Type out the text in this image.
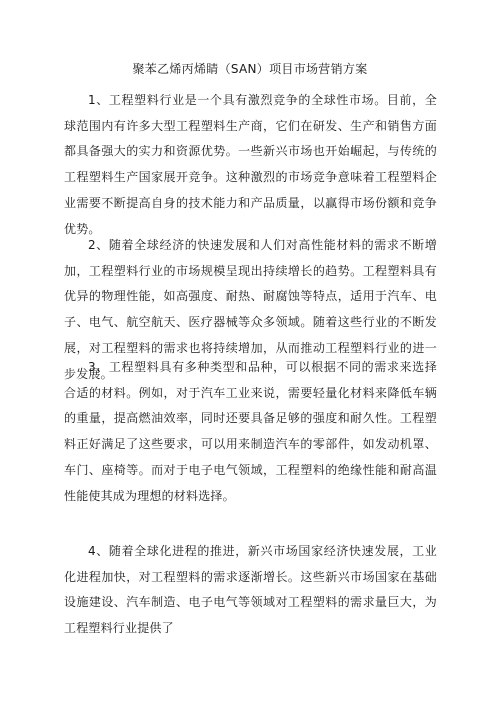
聚苯乙烯丙烯睛（SAN）项目市场营销方案

1、工程塑料行业是一个具有激烈竞争的全球性市场。目前，全球范围内有许多大型工程塑料生产商，它们在研发、生产和销售方面都具备强大的实力和资源优势。一些新兴市场也开始崛起，与传统的工程塑料生产国家展开竞争。这种激烈的市场竞争意味着工程塑料企业需要不断提高自身的技术能力和产品质量，以赢得市场份额和竞争优势。

2、随着全球经济的快速发展和人们对高性能材料的需求不断增加，工程塑料行业的市场规模呈现出持续增长的趋势。工程塑料具有优异的物理性能，如高强度、耐热、耐腐蚀等特点，适用于汽车、电子、电气、航空航天、医疗器械等众多领域。随着这些行业的不断发展，对工程塑料的需求也将持续增加，从而推动工程塑料行业的进一步发展。

3、工程塑料具有多种类型和品种，可以根据不同的需求来选择合适的材料。例如，对于汽车工业来说，需要轻量化材料来降低车辆的重量，提高燃油效率，同时还要具备足够的强度和耐久性。工程塑料正好满足了这些要求，可以用来制造汽车的零部件，如发动机罩、车门、座椅等。而对于电子电气领域，工程塑料的绝缘性能和耐高温性能使其成为理想的材料选择。

4、随着全球化进程的推进，新兴市场国家经济快速发展，工业化进程加快，对工程塑料的需求逐渐增长。这些新兴市场国家在基础设施建设、汽车制造、电子电气等领域对工程塑料的需求量巨大，为工程塑料行业提供了
